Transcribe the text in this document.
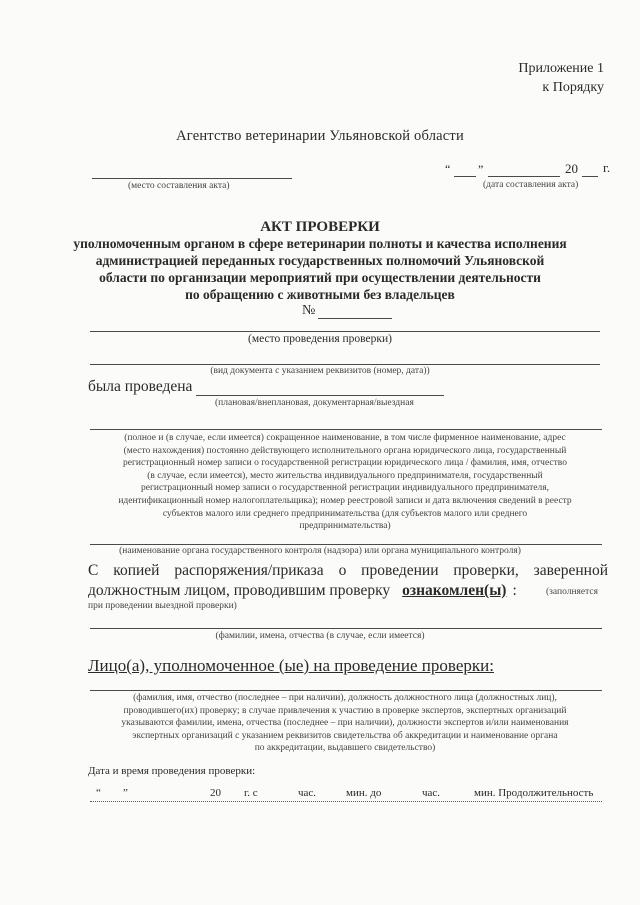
Приложение 1
к Порядку
Агентство ветеринарии Ульяновской области
“ ”	20 г.
(место составления акта)	(дата составления акта)
АКТ ПРОВЕРКИ
уполномоченным органом в сфере ветеринарии полноты и качества исполнения
администрацией переданных государственных полномочий Ульяновской
области по организации мероприятий при осуществлении деятельности
по обращению с животными без владельцев
№
(место проведения проверки)
(вид документа с указанием реквизитов (номер, дата))
была проведена
(плановая/внеплановая, документарная/выездная
(полное и (в случае, если имеется) сокращенное наименование, в том числе фирменное наименование, адрес
(место нахождения) постоянно действующего исполнительного органа юридического лица, государственный
регистрационный номер записи о государственной регистрации юридического лица / фамилия, имя, отчество
(в случае, если имеется), место жительства индивидуального предпринимателя, государственный
регистрационный номер записи о государственной регистрации индивидуального предпринимателя,
идентификационный номер налогоплательщика); номер реестровой записи и дата включения сведений в реестр
субъектов малого или среднего предпринимательства (для субъектов малого или среднего
предпринимательства)
(наименование органа государственного контроля (надзора) или органа муниципального контроля)
С копией распоряжения/приказа о проведении проверки, заверенной
должностным лицом, проводившим проверку ознакомлен(ы) :	(заполняется
при проведении выездной проверки)
(фамилии, имена, отчества (в случае, если имеется)
Лицо(а), уполномоченное (ые) на проведение проверки:
(фамилия, имя, отчество (последнее – при наличии), должность должностного лица (должностных лиц),
проводившего(их) проверку; в случае привлечения к участию в проверке экспертов, экспертных организаций
указываются фамилии, имена, отчества (последнее – при наличии), должности экспертов и/или наименования
экспертных организаций с указанием реквизитов свидетельства об аккредитации и наименование органа
по аккредитации, выдавшего свидетельство)
Дата и время проведения проверки:
“ ”	20 г. с	час.	мин. до	час.	мин. Продолжительность
